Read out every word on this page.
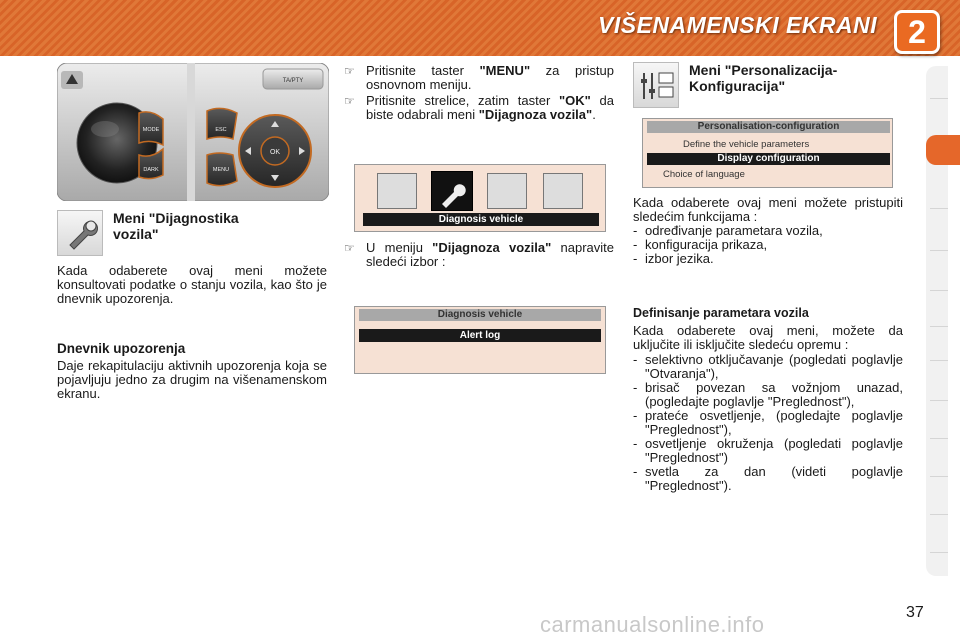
VIŠENAMENSKI EKRANI 2
MODE
DARK
TA/PTY
ESC
MENU
OK
Meni "Dijagnostika vozila"
Kada odaberete ovaj meni možete konsultovati podatke o stanju vozila, kao što je dnevnik upozorenja.
Dnevnik upozorenja
Daje rekapitulaciju aktivnih upozorenja koja se pojavljuju jedno za drugim na višenamenskom ekranu.
☞ Pritisnite taster "MENU" za pristup osnovnom meniju.
☞ Pritisnite strelice, zatim taster "OK" da biste odabrali meni "Dijagnoza vozila".
Diagnosis vehicle
☞ U meniju "Dijagnoza vozila" napravite sledeći izbor :
Diagnosis vehicle
Alert log
Meni "Personalizacija-Konfiguracija"
Personalisation-configuration
Define the vehicle parameters
Display configuration
Choice of language
Kada odaberete ovaj meni možete pristupiti sledećim funkcijama :
- određivanje parametara vozila,
- konfiguracija prikaza,
- izbor jezika.
Definisanje parametara vozila
Kada odaberete ovaj meni, možete da uključite ili isključite sledeću opremu :
- selektivno otključavanje (pogledati poglavlje "Otvaranja"),
- brisač povezan sa vožnjom unazad, (pogledajte poglavlje "Preglednost"),
- prateće osvetljenje, (pogledajte poglavlje "Preglednost"),
- osvetljenje okruženja (pogledati poglavlje "Preglednost")
- svetla za dan (videti poglavlje "Preglednost").
carmanualsonline.info	37
